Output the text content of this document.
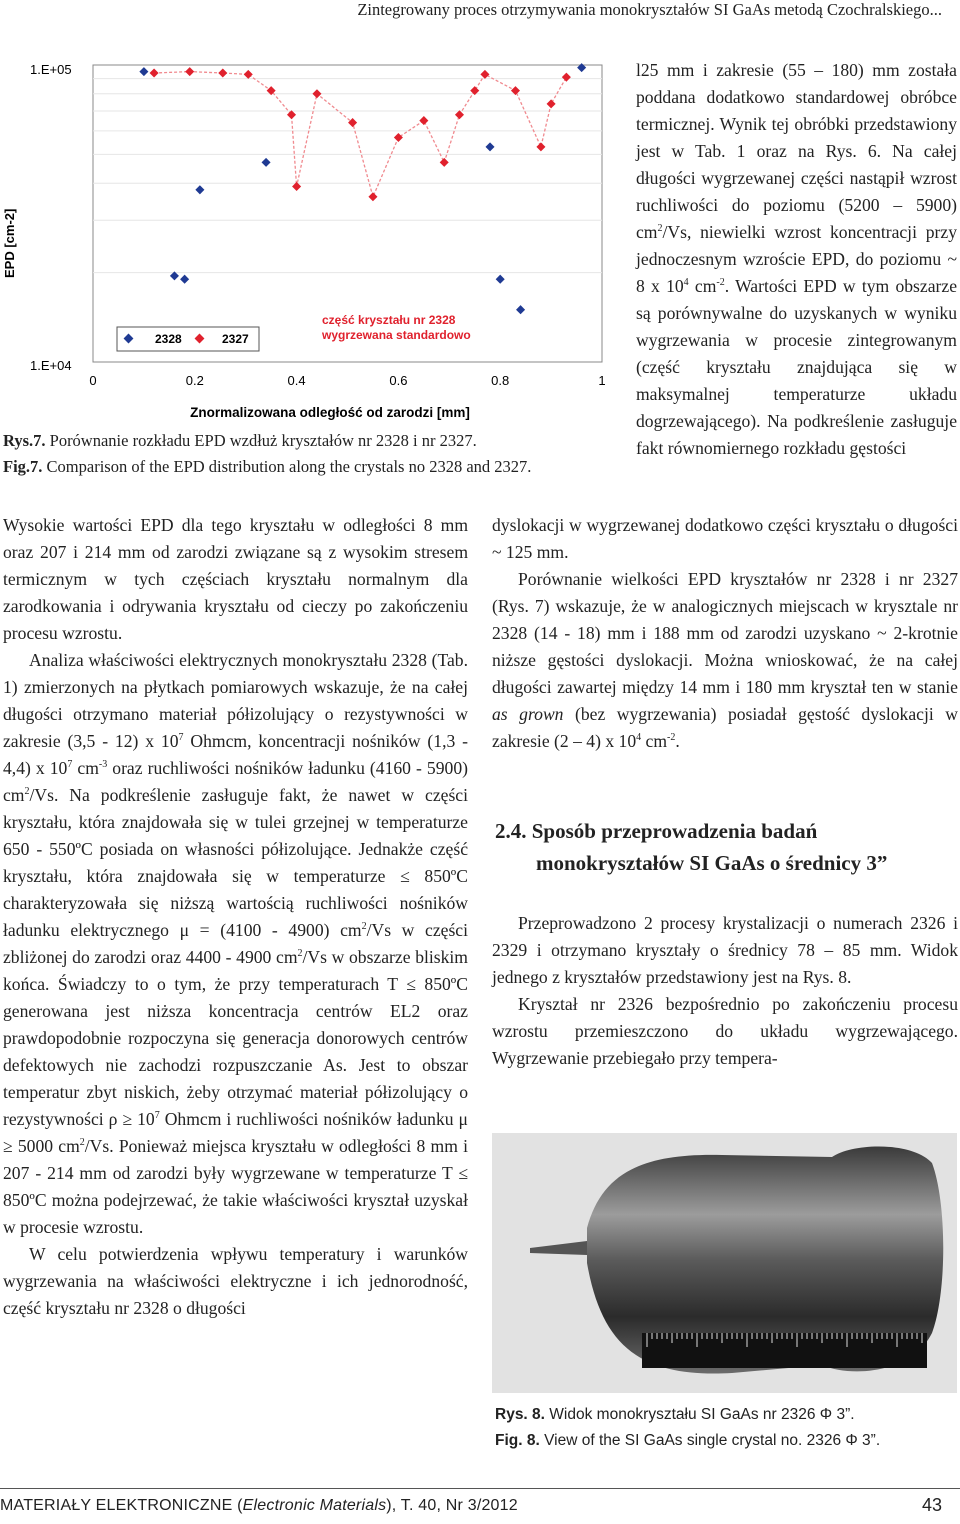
Zintegrowany proces otrzymywania monokryształów SI GaAs metodą Czochralskiego...
1.E+05
1.E+04
EPD [cm-2]
0	0.2	0.4	0.6	0.8	1
Znormalizowana odległość od zarodzi [mm]
2328	2327
część kryształu nr 2328
wygrzewana standardowo
Rys.7. Porównanie rozkładu EPD wzdłuż kryształów nr 2328 i nr 2327.
Fig.7. Comparison of the EPD distribution along the crystals no 2328 and 2327.

Wysokie wartości EPD dla tego kryształu w odległości 8 mm oraz 207 i 214 mm od zarodzi związane są z wysokim stresem termicznym w tych częściach kryształu normalnym dla zarodkowania i odrywania kryształu od cieczy po zakończeniu procesu wzrostu.

Analiza właściwości elektrycznych monokryształu 2328 (Tab. 1) zmierzonych na płytkach pomiarowych wskazuje, że na całej długości otrzymano materiał półizolujący o rezystywności w zakresie (3,5 - 12) x $10^7$ Ohmcm, koncentracji nośników (1,3 - 4,4) x $10^7$ $cm^{-3}$ oraz ruchliwości nośników ładunku (4160 - 5900) $cm^2/Vs$. Na podkreślenie zasługuje fakt, że nawet w części kryształu, która znajdowała się w tulei grzejnej w temperaturze 650 - 550ºC posiada on własności półizolujące. Jednakże część kryształu, która znajdowała się w temperaturze ≤ 850ºC charakteryzowała się niższą wartością ruchliwości nośników ładunku elektrycznego μ = (4100 - 4900) $cm^2/Vs$ w części zbliżonej do zarodzi oraz 4400 - 4900 $cm^2/Vs$ w obszarze bliskim końca. Świadczy to o tym, że przy temperaturach T ≤ 850ºC generowana jest niższa koncentracja centrów EL2 oraz prawdopodobnie rozpoczyna się generacja donorowych centrów defektowych nie zachodzi rozpuszczanie As. Jest to obszar temperatur zbyt niskich, żeby otrzymać materiał półizolujący o rezystywności $\rho \ge 10^7$ Ohmcm i ruchliwości nośników ładunku μ ≥ 5000 $cm^2/Vs$. Ponieważ miejsca kryształu w odległości 8 mm i 207 - 214 mm od zarodzi były wygrzewane w temperaturze T ≤ 850ºC można podejrzewać, że takie właściwości kryształ uzyskał w procesie wzrostu.

W celu potwierdzenia wpływu temperatury i warunków wygrzewania na właściwości elektryczne i ich jednorodność, część kryształu nr 2328 o długości

l25 mm i zakresie (55 – 180) mm została poddana dodatkowo standardowej obróbce termicznej. Wynik tej obróbki przedstawiony jest w Tab. 1 oraz na Rys. 6. Na całej długości wygrzewanej części nastąpił wzrost ruchliwości do poziomu (5200 – 5900) $cm^2/Vs$, niewielki wzrost koncentracji przy jednoczesnym wzroście EPD, do poziomu ~ 8 x $10^4$ $cm^{-2}$. Wartości EPD w tym obszarze są porównywalne do uzyskanych w wyniku wygrzewania w procesie zintegrowanym (część kryształu znajdująca się w maksymalnej temperaturze układu dogrzewającego). Na podkreślenie zasługuje fakt równomiernego rozkładu gęstości

dyslokacji w wygrzewanej dodatkowo części kryształu o długości ~ 125 mm.

Porównanie wielkości EPD kryształów nr 2328 i nr 2327 (Rys. 7) wskazuje, że w analogicznych miejscach w krysztale nr 2328 (14 - 18) mm i 188 mm od zarodzi uzyskano ~ 2-krotnie niższe gęstości dyslokacji. Można wnioskować, że na całej długości zawartej między 14 mm i 180 mm kryształ ten w stanie as grown (bez wygrzewania) posiadał gęstość dyslokacji w zakresie (2 – 4) x $10^4$ $cm^{-2}$.

2.4. Sposób przeprowadzenia badań
monokryształów SI GaAs o średnicy 3”

Przeprowadzono 2 procesy krystalizacji o numerach 2326 i 2329 i otrzymano kryształy o średnicy 78 – 85 mm. Widok jednego z kryształów przedstawiony jest na Rys. 8.

Kryształ nr 2326 bezpośrednio po zakończeniu procesu wzrostu przemieszczono do układu wygrzewającego. Wygrzewanie przebiegało przy tempera-

Rys. 8. Widok monokryształu SI GaAs nr 2326 Φ 3”.
Fig. 8. View of the SI GaAs single crystal no. 2326 Φ 3”.
MATERIAŁY ELEKTRONICZNE (Electronic Materials), T. 40, Nr 3/2012	43
